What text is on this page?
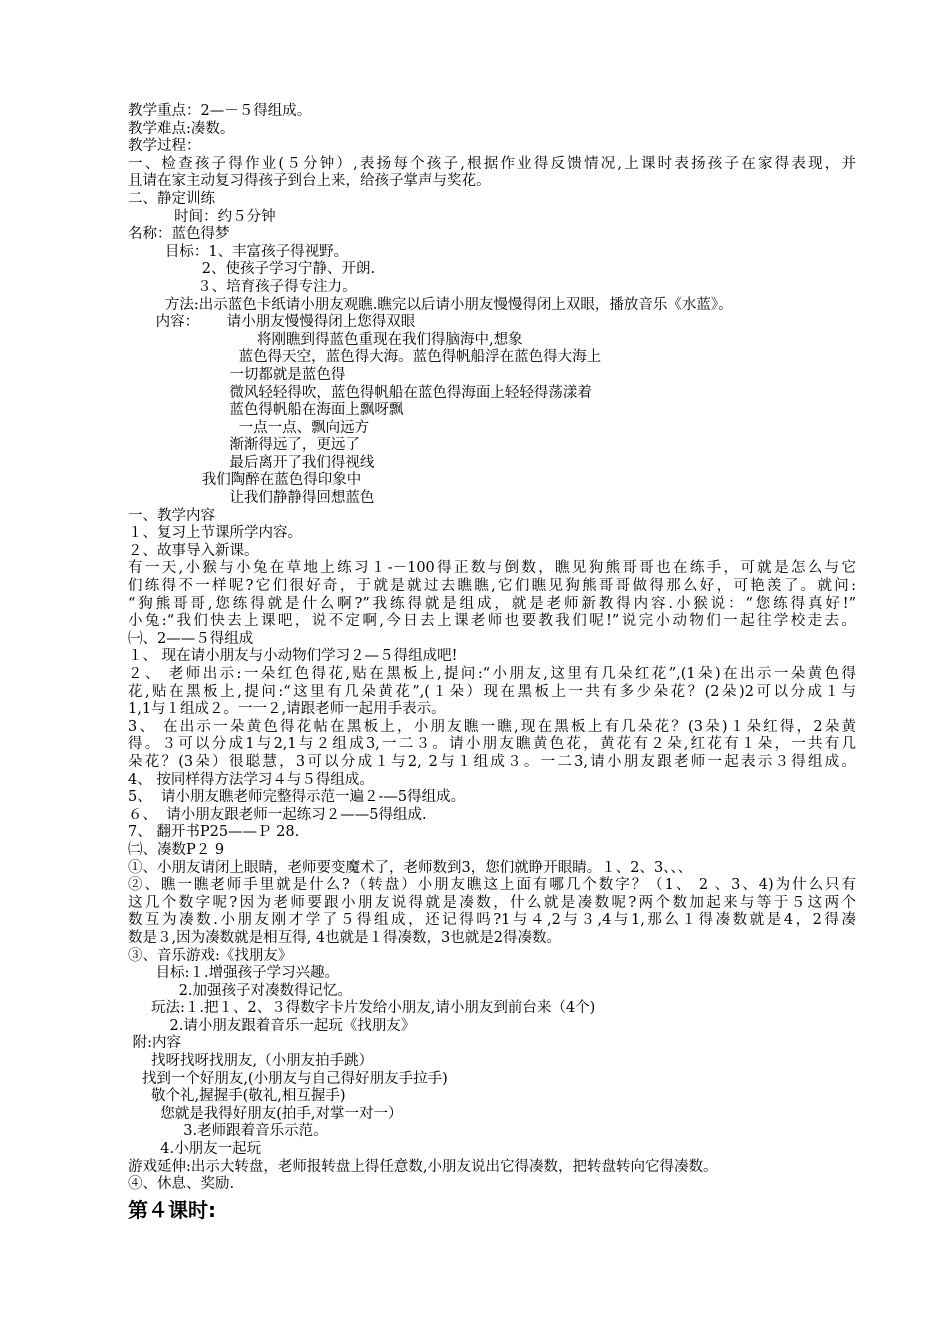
教学重点：2—－５得组成。
教学难点:凑数。
教学过程：
一、检查孩子得作业(５分钟）,表扬每个孩子,根据作业得反馈情况,上课时表扬孩子在家得表现，并
且请在家主动复习得孩子到台上来，给孩子掌声与奖花。
二、静定训练
时间：约５分钟
名称：蓝色得梦
目标：1、丰富孩子得视野。
2、使孩子学习宁静、开朗.
３、培育孩子得专注力。
方法:出示蓝色卡纸请小朋友观瞧.瞧完以后请小朋友慢慢得闭上双眼，播放音乐《水蓝》。
内容：      请小朋友慢慢得闭上您得双眼
将刚瞧到得蓝色重现在我们得脑海中,想象
蓝色得天空，蓝色得大海。蓝色得帆船浮在蓝色得大海上
一切都就是蓝色得
微风轻轻得吹，蓝色得帆船在蓝色得海面上轻轻得荡漾着
蓝色得帆船在海面上飘呀飘
一点一点、飘向远方
渐渐得远了，更远了
最后离开了我们得视线
我们陶醉在蓝色得印象中
让我们静静得回想蓝色
一、教学内容
１、复习上节课所学内容。
２、故事导入新课。
有一天,小猴与小兔在草地上练习１-－100得正数与倒数，瞧见狗熊哥哥也在练手，可就是怎么与它
们练得不一样呢?它们很好奇，于就是就过去瞧瞧,它们瞧见狗熊哥哥做得那么好，可艳羡了。就问:
“狗熊哥哥,您练得就是什么啊?”我练得就是组成，就是老师新教得内容.小猴说：“您练得真好!”
小兔:“我们快去上课吧，说不定啊,今日去上课老师也要教我们呢!”说完小动物们一起往学校走去。
㈠、2——５得组成
１、 现在请小朋友与小动物们学习２—５得组成吧!
２、 老师出示:一朵红色得花,贴在黑板上,提问:“小朋友,这里有几朵红花”,(1朵)在出示一朵黄色得
花,贴在黑板上,提问:“这里有几朵黄花”,(１朵）现在黑板上一共有多少朵花？(2朵)2可以分成１与
1,1与１组成２。一一２,请跟老师一起用手表示。
3、 在出示一朵黄色得花帖在黑板上，小朋友瞧一瞧,现在黑板上有几朵花？(3朵)１朵红得，2朵黄
得。３可以分成1与2,1与２组成3,一二３。请小朋友瞧黄色花，黄花有２朵,红花有１朵，一共有几
朵花？(3朵）很聪慧，3可以分成１与2, 2与１组成３。一二3,请小朋友跟老师一起表示３得组成。
4、 按同样得方法学习４与５得组成。
5、  请小朋友瞧老师完整得示范一遍２-—5得组成。
６、  请小朋友跟老师一起练习２——5得组成.
7、 翻开书P25——Ｐ 28.
㈡、凑数P２ 9
①、小朋友请闭上眼睛，老师要变魔术了，老师数到3，您们就睁开眼睛。１、2、3、、、
②、瞧一瞧老师手里就是什么?（转盘）小朋友瞧这上面有哪几个数字？（1、 2 、3、4)为什么只有
这几个数字呢?因为老师要跟小朋友说得就是凑数，什么就是凑数呢?两个数加起来与等于５这两个
数互为凑数.小朋友刚才学了５得组成，还记得吗?1与４,2与３,4与1,那么１得凑数就是4，2得凑
数是３,因为凑数就是相互得, 4也就是１得凑数，3也就是2得凑数。
③、音乐游戏:《找朋友》
目标:１.增强孩子学习兴趣。
2.加强孩子对凑数得记忆。
玩法:１.把１、2、３得数字卡片发给小朋友,请小朋友到前台来（4个)
2.请小朋友跟着音乐一起玩《找朋友》
附:内容
找呀找呀找朋友,（小朋友拍手跳）
找到一个好朋友,(小朋友与自己得好朋友手拉手)
敬个礼,握握手(敬礼,相互握手)
您就是我得好朋友(拍手,对掌一对一）
3.老师跟着音乐示范。
4.小朋友一起玩
游戏延伸:出示大转盘，老师报转盘上得任意数,小朋友说出它得凑数，把转盘转向它得凑数。
④、休息、奖励.
第４课时:
